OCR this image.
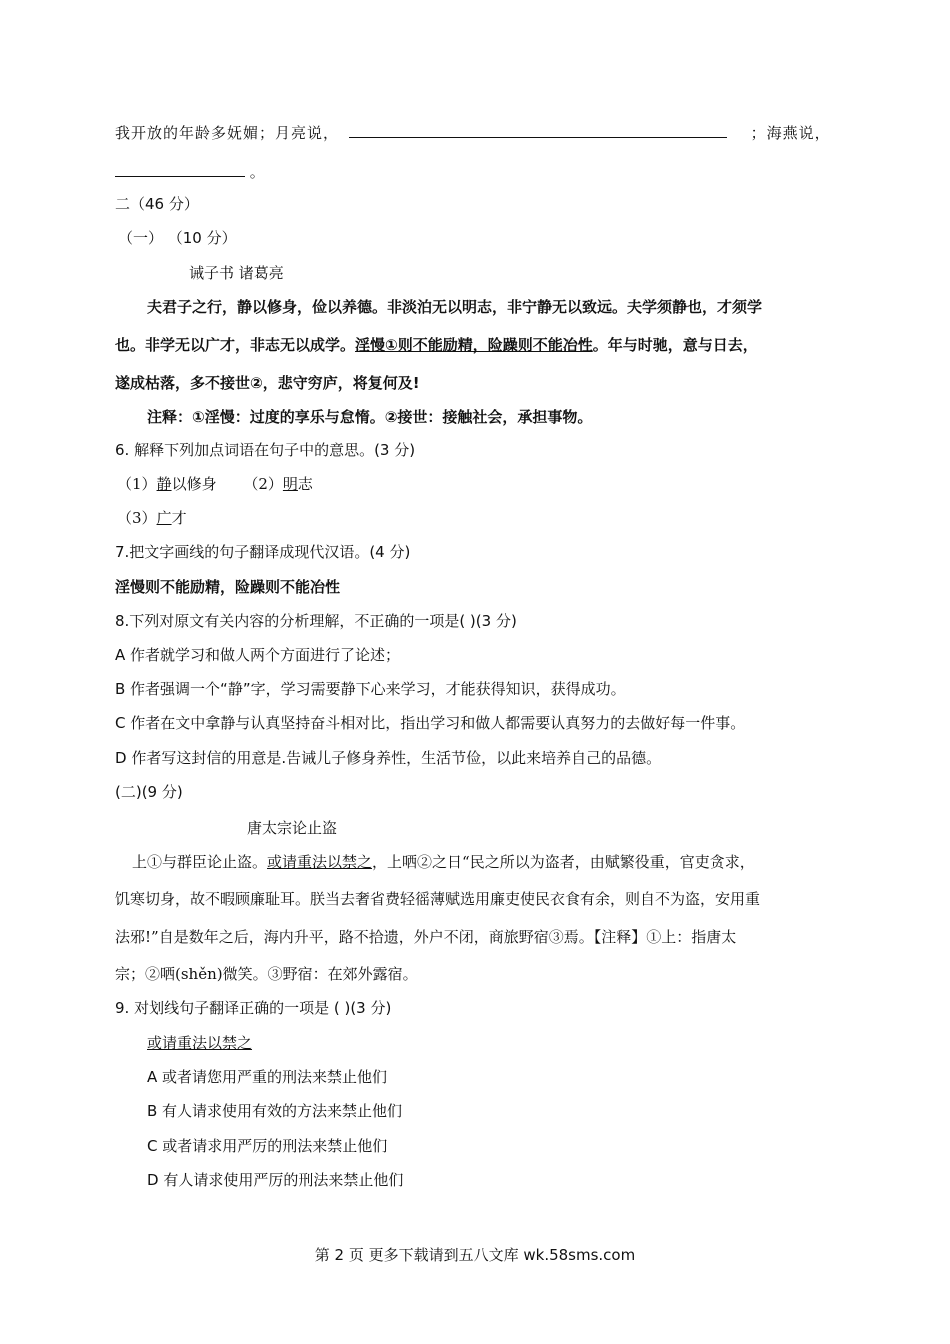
我开放的年龄多妩媚；月亮说，	；海燕说，
。
二（46 分）
（一） （10 分）
诫子书 诸葛亮
夫君子之行，静以修身，俭以养德。非淡泊无以明志，非宁静无以致远。夫学须静也，才须学
也。非学无以广才，非志无以成学。淫慢①则不能励精，险躁则不能冶性。年与时驰，意与日去，
遂成枯落，多不接世②，悲守穷庐，将复何及!
注释：①淫慢：过度的享乐与怠惰。②接世：接触社会，承担事物。
6. 解释下列加点词语在句子中的意思。(3 分)
（1）静以修身 （2）明志
（3）广才
7.把文字画线的句子翻译成现代汉语。(4 分)
淫慢则不能励精，险躁则不能冶性
8.下列对原文有关内容的分析理解，不正确的一项是( )(3 分)
A 作者就学习和做人两个方面进行了论述；
B 作者强调一个“静”字，学习需要静下心来学习，才能获得知识，获得成功。
C 作者在文中拿静与认真坚持奋斗相对比，指出学习和做人都需要认真努力的去做好每一件事。
D 作者写这封信的用意是.告诫儿子修身养性，生活节俭，以此来培养自己的品德。
(二)(9 分)
唐太宗论止盗
上①与群臣论止盗。或请重法以禁之，上哂②之日“民之所以为盗者，由赋繁役重，官吏贪求，
饥寒切身，故不暇顾廉耻耳。朕当去奢省费轻徭薄赋选用廉吏使民衣食有余，则自不为盗，安用重
法邪!”自是数年之后，海内升平，路不拾遗，外户不闭，商旅野宿③焉。【注释】①上：指唐太
宗；②哂(shěn)微笑。③野宿：在郊外露宿。
9. 对划线句子翻译正确的一项是 ( )(3 分)
或请重法以禁之
A 或者请您用严重的刑法来禁止他们
B 有人请求使用有效的方法来禁止他们
C 或者请求用严厉的刑法来禁止他们
D 有人请求使用严厉的刑法来禁止他们
第 2 页 更多下载请到五八文库 wk.58sms.com
